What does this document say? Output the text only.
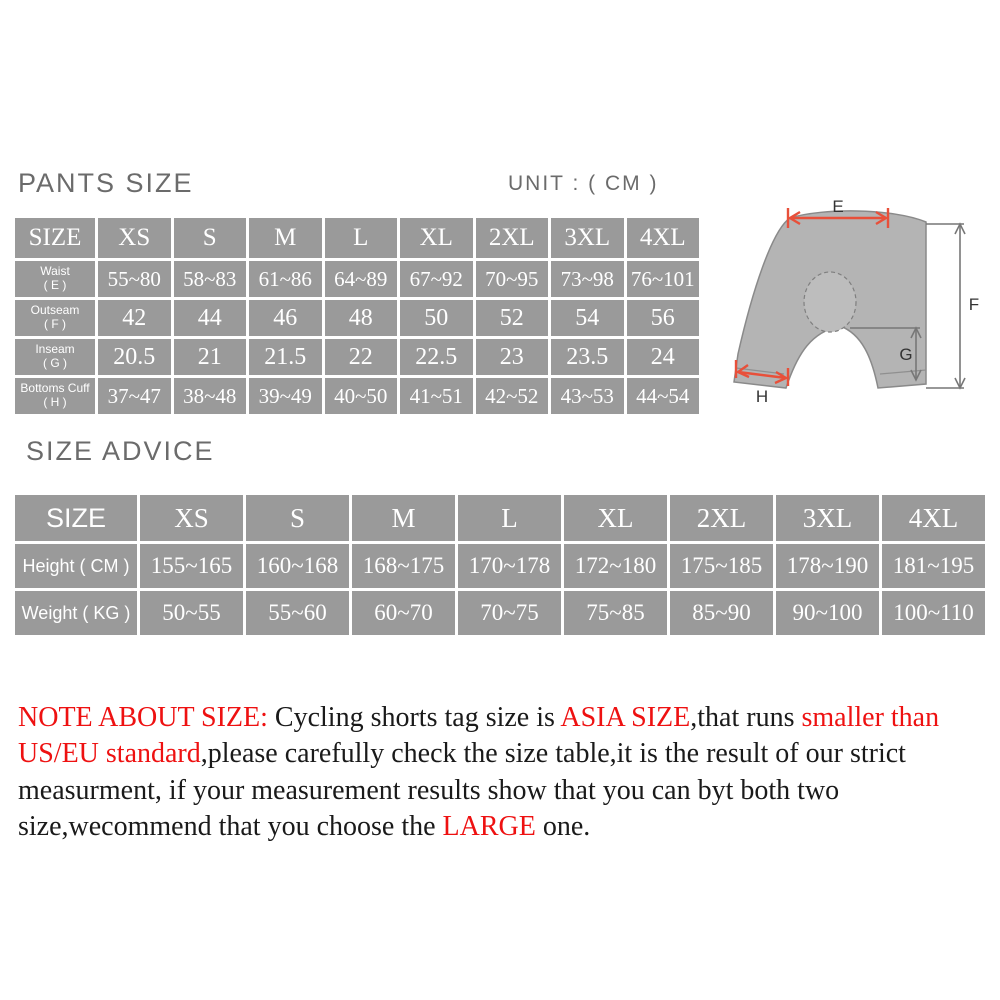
PANTS SIZE	UNIT : ( CM )
SIZE	XS	S	M	L	XL	2XL	3XL	4XL

Waist
( E )	55~80	58~83	61~86	64~89	67~92	70~95	73~98	76~101

Outseam
( F )	42	44	46	48	50	52	54	56

Inseam
( G )	20.5	21	21.5	22	22.5	23	23.5	24

Bottoms Cuff
( H )	37~47	38~48	39~49	40~50	41~51	42~52	43~53	44~54
E
F
G
H
SIZE ADVICE
SIZE	XS	S	M	L	XL	2XL	3XL	4XL
Height ( CM )	155~165	160~168	168~175	170~178	172~180	175~185	178~190	181~195
Weight ( KG )	50~55	55~60	60~70	70~75	75~85	85~90	90~100	100~110
NOTE ABOUT SIZE: Cycling shorts tag size is ASIA SIZE,that runs smaller than US/EU standard,please carefully check the size table,it is the result of our strict measurment, if your measurement results show that you can byt both two size,wecommend that you choose the LARGE one.
